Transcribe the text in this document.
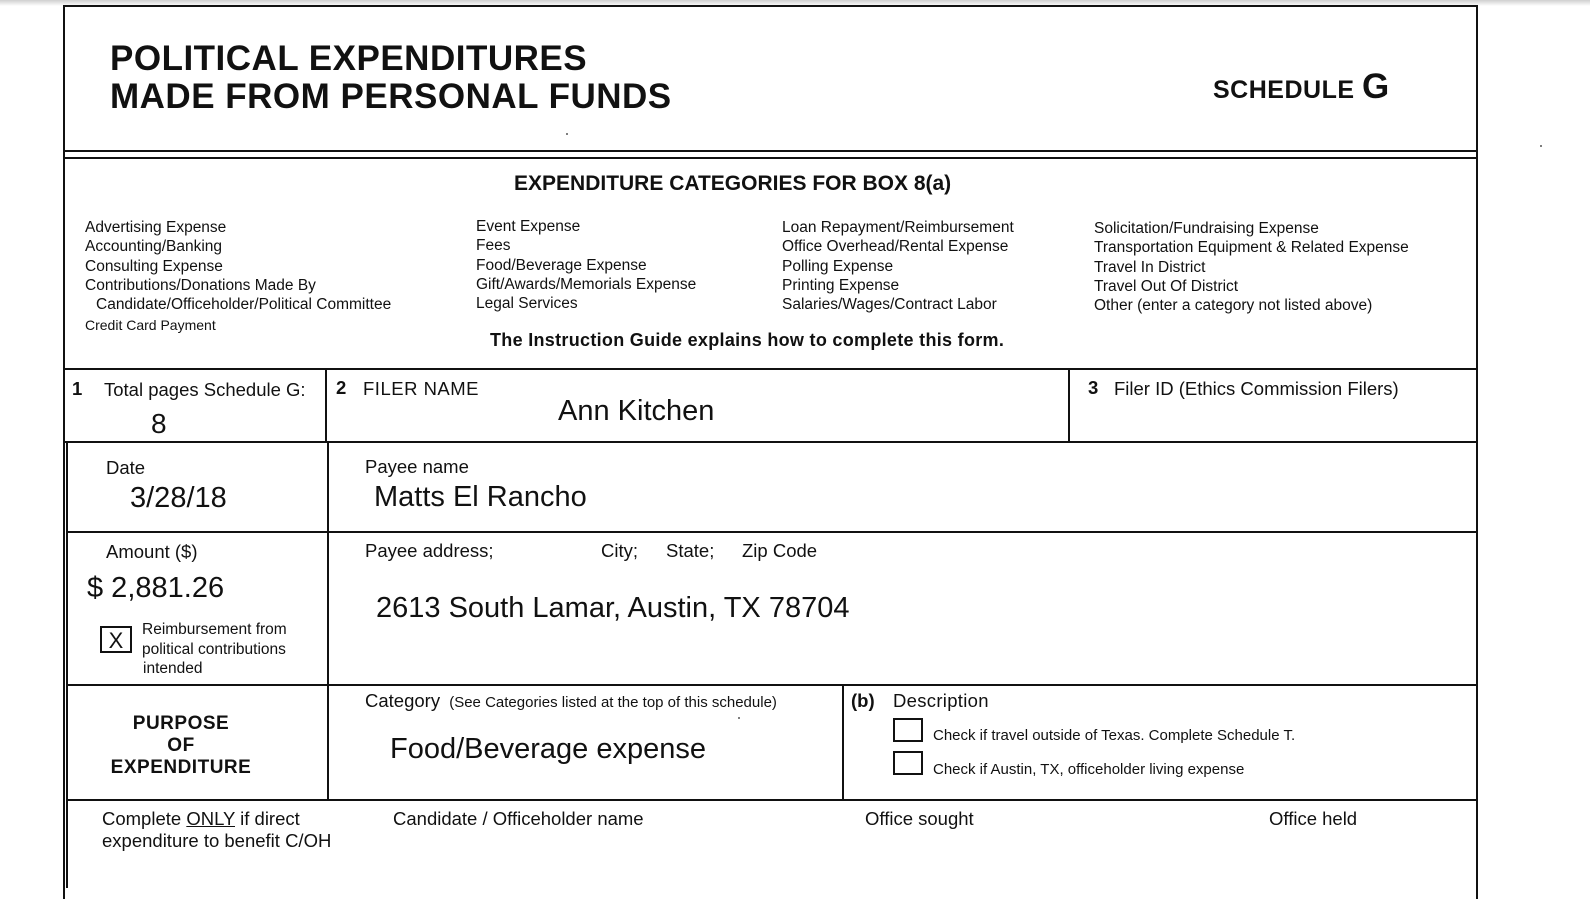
POLITICAL EXPENDITURES
MADE FROM PERSONAL FUNDS	SCHEDULE G
EXPENDITURE CATEGORIES FOR BOX 8(a)
Advertising Expense
Accounting/Banking
Consulting Expense
Contributions/Donations Made By
Candidate/Officeholder/Political Committee
Credit Card Payment
Event Expense
Fees
Food/Beverage Expense
Gift/Awards/Memorials Expense
Legal Services
Loan Repayment/Reimbursement
Office Overhead/Rental Expense
Polling Expense
Printing Expense
Salaries/Wages/Contract Labor
Solicitation/Fundraising Expense
Transportation Equipment & Related Expense
Travel In District
Travel Out Of District
Other (enter a category not listed above)
The Instruction Guide explains how to complete this form.
1 Total pages Schedule G:
8
2 FILER NAME
Ann Kitchen
3 Filer ID (Ethics Commission Filers)
Date
3/28/18
Payee name
Matts El Rancho
Amount ($)
$ 2,881.26
X	Reimbursement from
political contributions
intended
Payee address;	City; State; Zip Code
2613 South Lamar, Austin, TX 78704
PURPOSE
OF
EXPENDITURE
Category (See Categories listed at the top of this schedule)
Food/Beverage expense
(b) Description
Check if travel outside of Texas. Complete Schedule T.
Check if Austin, TX, officeholder living expense
Complete ONLY if direct
expenditure to benefit C/OH
Candidate / Officeholder name	Office sought	Office held
